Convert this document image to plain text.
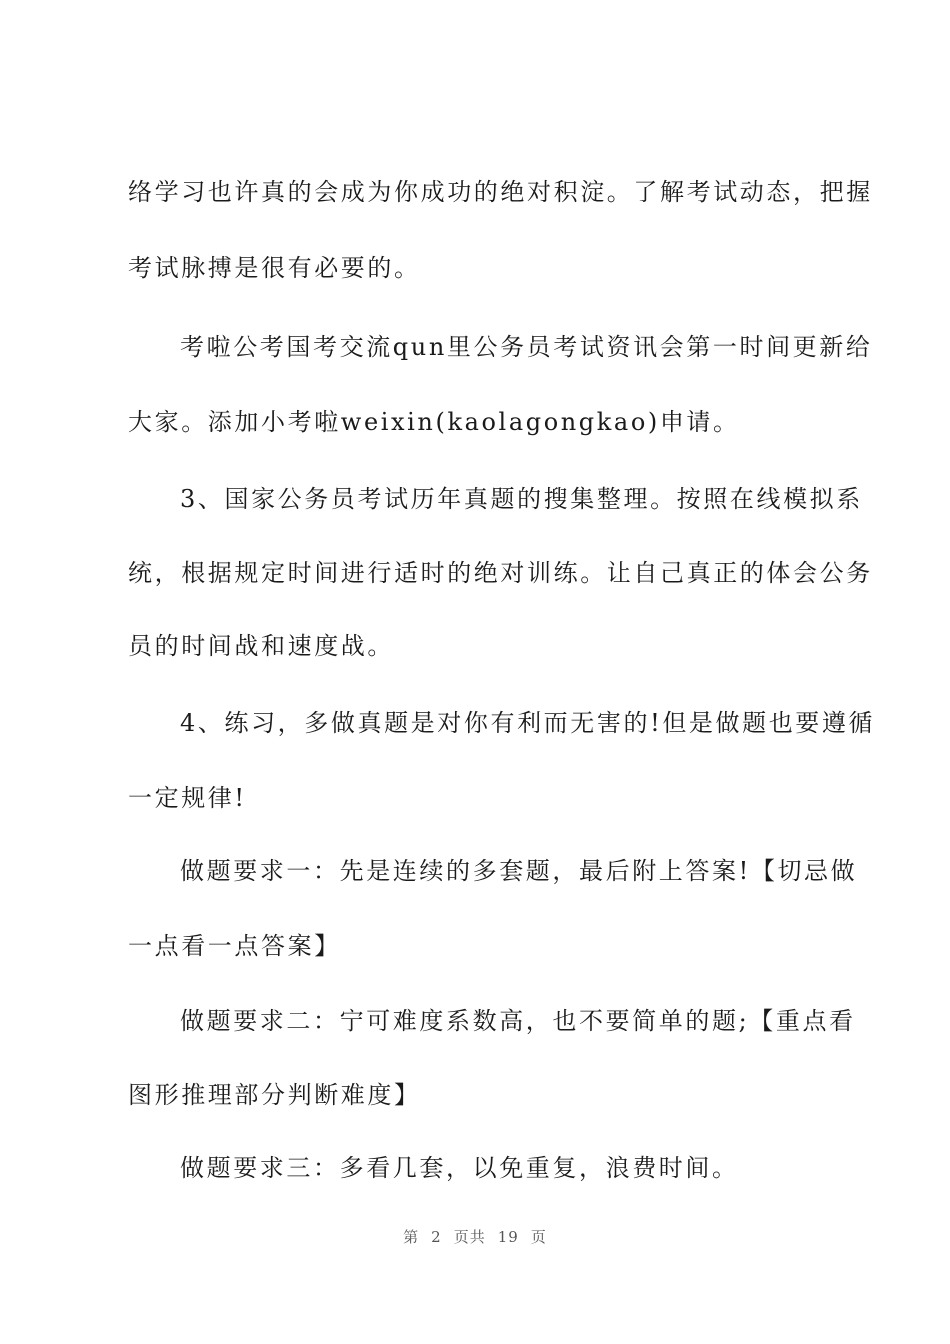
络学习也许真的会成为你成功的绝对积淀。了解考试动态，把握
考试脉搏是很有必要的。
考啦公考国考交流qun里公务员考试资讯会第一时间更新给
大家。添加小考啦weixin(kaolagongkao)申请。
3、国家公务员考试历年真题的搜集整理。按照在线模拟系
统，根据规定时间进行适时的绝对训练。让自己真正的体会公务
员的时间战和速度战。
4、练习，多做真题是对你有利而无害的!但是做题也要遵循
一定规律!
做题要求一：先是连续的多套题，最后附上答案!【切忌做
一点看一点答案】
做题要求二：宁可难度系数高，也不要简单的题;【重点看
图形推理部分判断难度】
做题要求三：多看几套，以免重复，浪费时间。
第 2 页共 19 页
